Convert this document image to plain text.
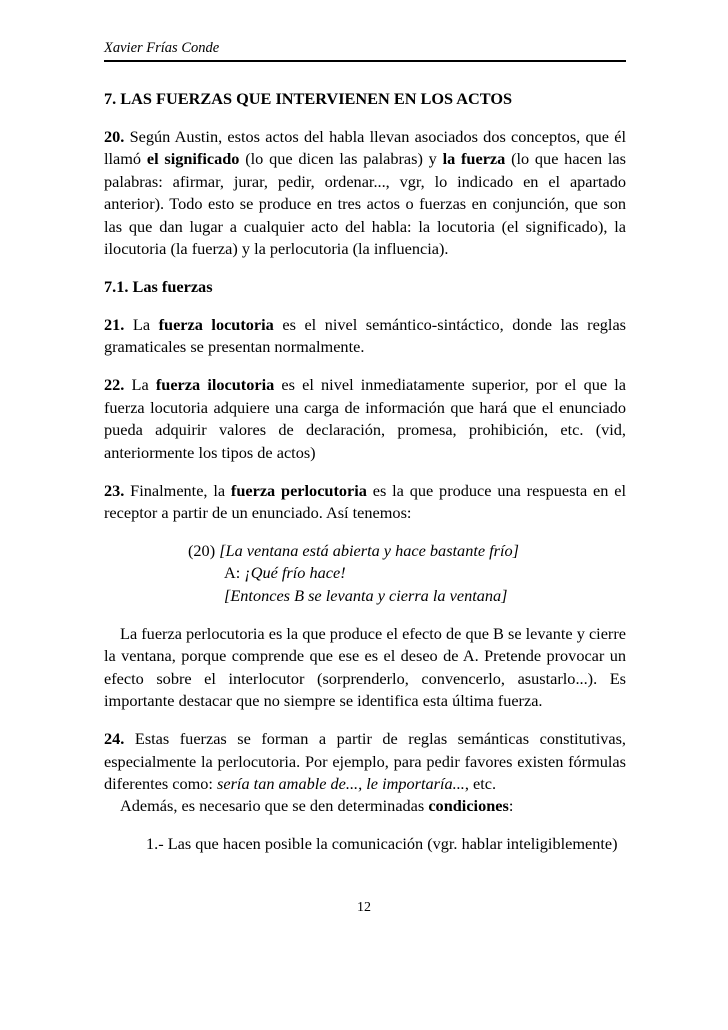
Xavier Frías Conde

7. LAS FUERZAS QUE INTERVIENEN EN LOS ACTOS

20. Según Austin, estos actos del habla llevan asociados dos conceptos, que él llamó el significado (lo que dicen las palabras) y la fuerza (lo que hacen las palabras: afirmar, jurar, pedir, ordenar..., vgr, lo indicado en el apartado anterior). Todo esto se produce en tres actos o fuerzas en conjunción, que son las que dan lugar a cualquier acto del habla: la locutoria (el significado), la ilocutoria (la fuerza) y la perlocutoria (la influencia).

7.1. Las fuerzas

21. La fuerza locutoria es el nivel semántico-sintáctico, donde las reglas gramaticales se presentan normalmente.

22. La fuerza ilocutoria es el nivel inmediatamente superior, por el que la fuerza locutoria adquiere una carga de información que hará que el enunciado pueda adquirir valores de declaración, promesa, prohibición, etc. (vid, anteriormente los tipos de actos)

23. Finalmente, la fuerza perlocutoria es la que produce una respuesta en el receptor a partir de un enunciado. Así tenemos:

(20) [La ventana está abierta y hace bastante frío]
A: ¡Qué frío hace!
[Entonces B se levanta y cierra la ventana]

La fuerza perlocutoria es la que produce el efecto de que B se levante y cierre la ventana, porque comprende que ese es el deseo de A. Pretende provocar un efecto sobre el interlocutor (sorprenderlo, convencerlo, asustarlo...). Es importante destacar que no siempre se identifica esta última fuerza.

24. Estas fuerzas se forman a partir de reglas semánticas constitutivas, especialmente la perlocutoria. Por ejemplo, para pedir favores existen fórmulas diferentes como: sería tan amable de..., le importaría..., etc.

Además, es necesario que se den determinadas condiciones:

1.- Las que hacen posible la comunicación (vgr. hablar inteligiblemente)

12
